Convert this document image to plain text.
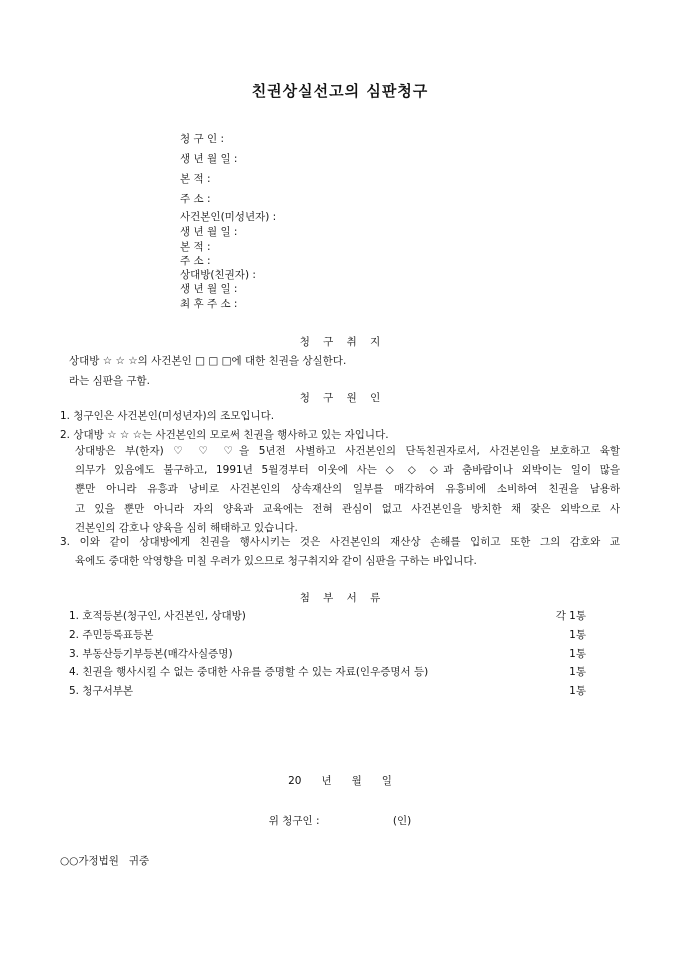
친권상실선고의 심판청구
청 구 인 :
생 년 월 일 :
본 적 :
주 소 :
사건본인(미성년자) :
생 년 월 일 :
본 적 :
주 소 :
상대방(친권자) :
생 년 월 일 :
최 후 주 소 :
청 구 취 지
상대방 ☆ ☆ ☆의 사건본인 □ □ □에 대한 친권을 상실한다.
라는 심판을 구함.
청 구 원 인
1. 청구인은 사건본인(미성년자)의 조모입니다.
2. 상대방 ☆ ☆ ☆는 사건본인의 모로써 친권을 행사하고 있는 자입니다.
상대방은 부(한자) ♡ ♡ ♡을 5년전 사별하고 사건본인의 단독친권자로서, 사건본인을 보호하고 육할
의무가 있음에도 불구하고, 1991년 5월경부터 이웃에 사는 ◇ ◇ ◇과 춤바람이나 외박이는 일이 많을
뿐만 아니라 유흥과 낭비로 사건본인의 상속재산의 일부를 매각하여 유흥비에 소비하여 친권을 남용하
고 있을 뿐만 아니라 자의 양육과 교육에는 전혀 관심이 없고 사건본인을 방치한 채 잦은 외박으로 사
건본인의 감호나 양육을 심히 해태하고 있습니다.
3. 이와 같이 상대방에게 친권을 행사시키는 것은 사건본인의 재산상 손해를 입히고 또한 그의 감호와 교
육에도 중대한 악영향을 미칠 우려가 있으므로 청구취지와 같이 심판을 구하는 바입니다.
첨 부 서 류
1. 호적등본(청구인, 사건본인, 상대방)	각 1통
2. 주민등록표등본	1통
3. 부동산등기부등본(매각사실증명)	1통
4. 친권을 행사시킬 수 없는 중대한 사유를 증명할 수 있는 자료(인우증명서 등)	1통
5. 청구서부본	1통
20      년      월      일
위 청구인 :                      (인)
○○가정법원   귀중
